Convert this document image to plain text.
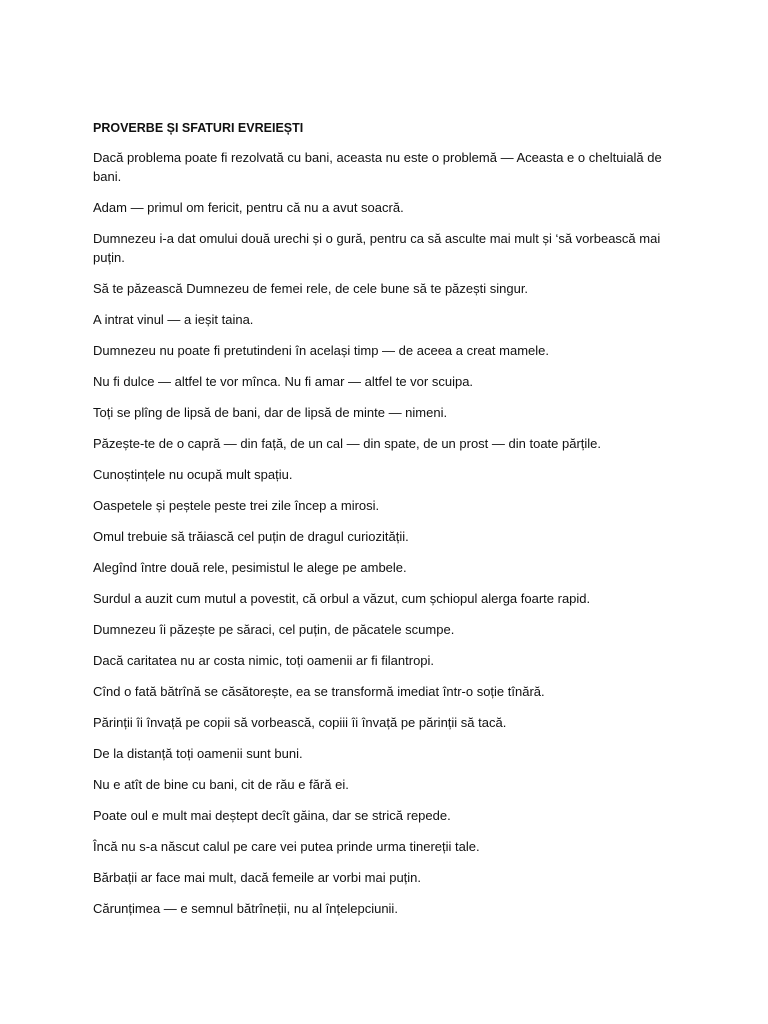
PROVERBE ȘI SFATURI EVREIEȘTI

Dacă problema poate fi rezolvată cu bani, aceasta nu este o problemă — Aceasta e o cheltuială de bani.

Adam — primul om fericit, pentru că nu a avut soacră.

Dumnezeu i-a dat omului două urechi și o gură, pentru ca să asculte mai mult și ‘să vorbească mai puțin.

Să te păzească Dumnezeu de femei rele, de cele bune să te păzești singur.

A intrat vinul — a ieșit taina.

Dumnezeu nu poate fi pretutindeni în același timp — de aceea a creat mamele.

Nu fi dulce — altfel te vor mînca. Nu fi amar — altfel te vor scuipa.

Toți se plîng de lipsă de bani, dar de lipsă de minte — nimeni.

Păzește-te de o capră — din față, de un cal — din spate, de un prost — din toate părțile.

Cunoștințele nu ocupă mult spațiu.

Oaspetele și peștele peste trei zile încep a mirosi.

Omul trebuie să trăiască cel puțin de dragul curiozității.

Alegînd între două rele, pesimistul le alege pe ambele.

Surdul a auzit cum mutul a povestit, că orbul a văzut, cum șchiopul alerga foarte rapid.

Dumnezeu îi păzește pe săraci, cel puțin, de păcatele scumpe.

Dacă caritatea nu ar costa nimic, toți oamenii ar fi filantropi.

Cînd o fată bătrînă se căsătorește, ea se transformă imediat într-o soție tînără.

Părinții îi învață pe copii să vorbească, copiii îi învață pe părinții să tacă.

De la distanță toți oamenii sunt buni.

Nu e atît de bine cu bani, cit de rău e fără ei.

Poate oul e mult mai deștept decît găina, dar se strică repede.

Încă nu s-a născut calul pe care vei putea prinde urma tinereții tale.

Bărbații ar face mai mult, dacă femeile ar vorbi mai puțin.

Cărunțimea — e semnul bătrîneții, nu al înțelepciunii.
